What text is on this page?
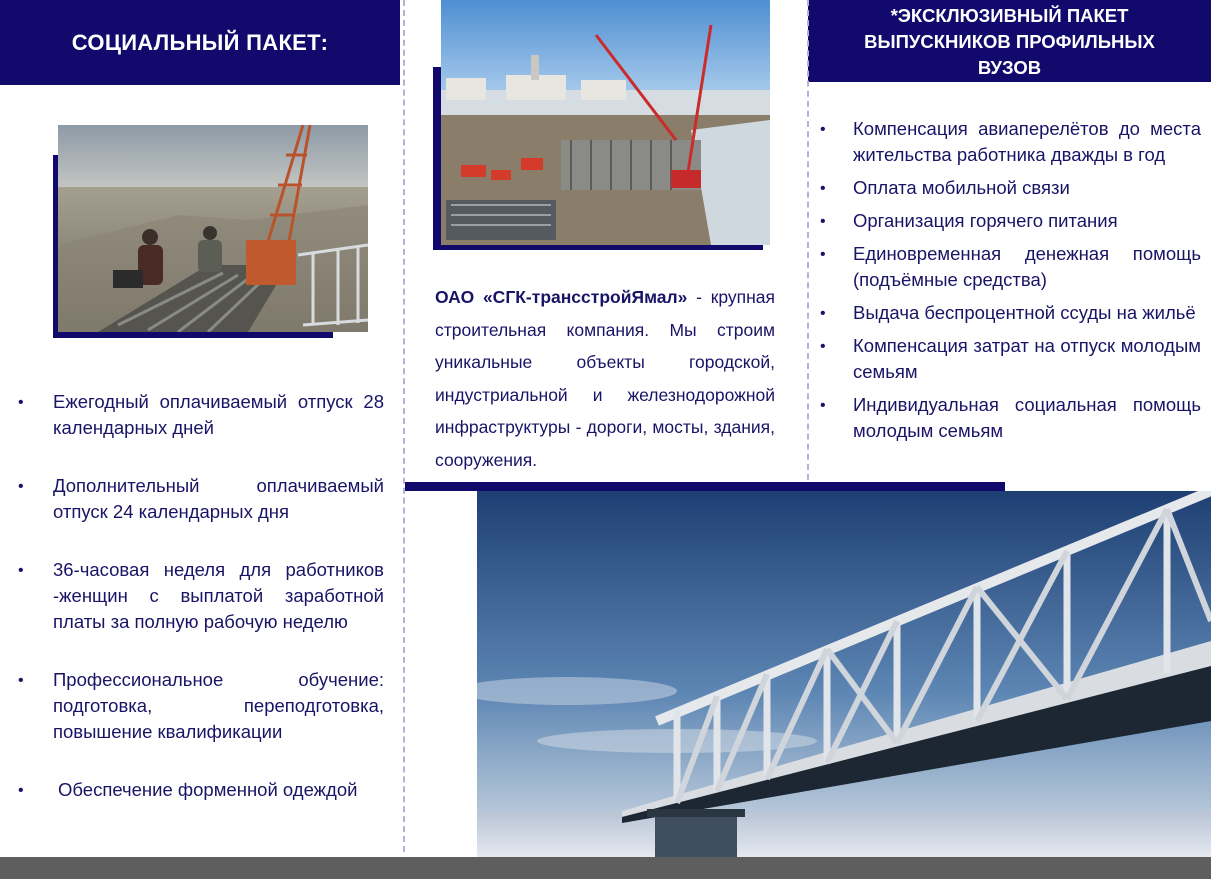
СОЦИАЛЬНЫЙ ПАКЕТ:
*ЭКСКЛЮЗИВНЫЙ ПАКЕТ ВЫПУСКНИКОВ ПРОФИЛЬНЫХ ВУЗОВ
• Ежегодный оплачиваемый отпуск 28 календарных дней
• Дополнительный оплачиваемый отпуск 24 календарных дня
• 36-часовая неделя для работников -женщин с выплатой заработной платы за полную рабочую неделю
• Профессиональное обучение: подготовка, переподготовка, повышение квалификации
• Обеспечение форменной одеждой

ОАО «СГК-трансстройЯмал» - крупная строительная компания. Мы строим уникальные объекты городской, индустриальной и железнодорожной инфраструктуры - дороги, мосты, здания, сооружения.

• Компенсация авиаперелётов до места жительства работника дважды в год
• Оплата мобильной связи
• Организация горячего питания
• Единовременная денежная помощь (подъёмные средства)
• Выдача беспроцентной ссуды на жильё
• Компенсация затрат на отпуск молодым семьям
• Индивидуальная социальная помощь молодым семьям
